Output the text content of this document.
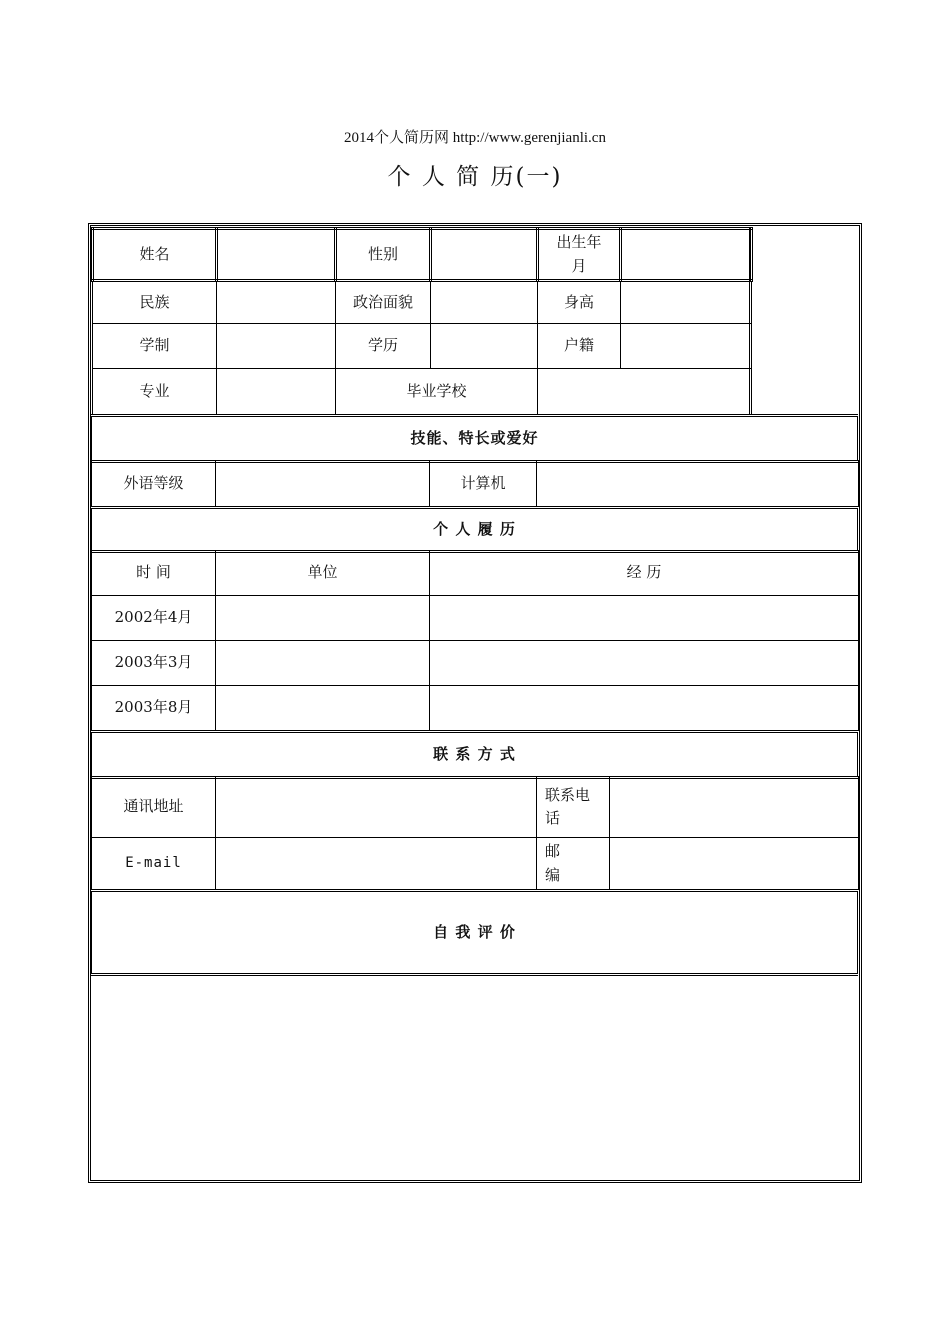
2014个人简历网 http://www.gerenjianli.cn
个 人 简 历(一)
姓名		性别		出生年月	
民族		政治面貌		身高	
学制		学历		户籍	
专业		毕业学校			
技能、特长或爱好
外语等级		计算机	
个 人 履 历
时 间	单位	经 历
2002年4月		
2003年3月		
2003年8月		
联 系 方 式
通讯地址		联系电话	
E-mail		邮编	
自 我 评 价
